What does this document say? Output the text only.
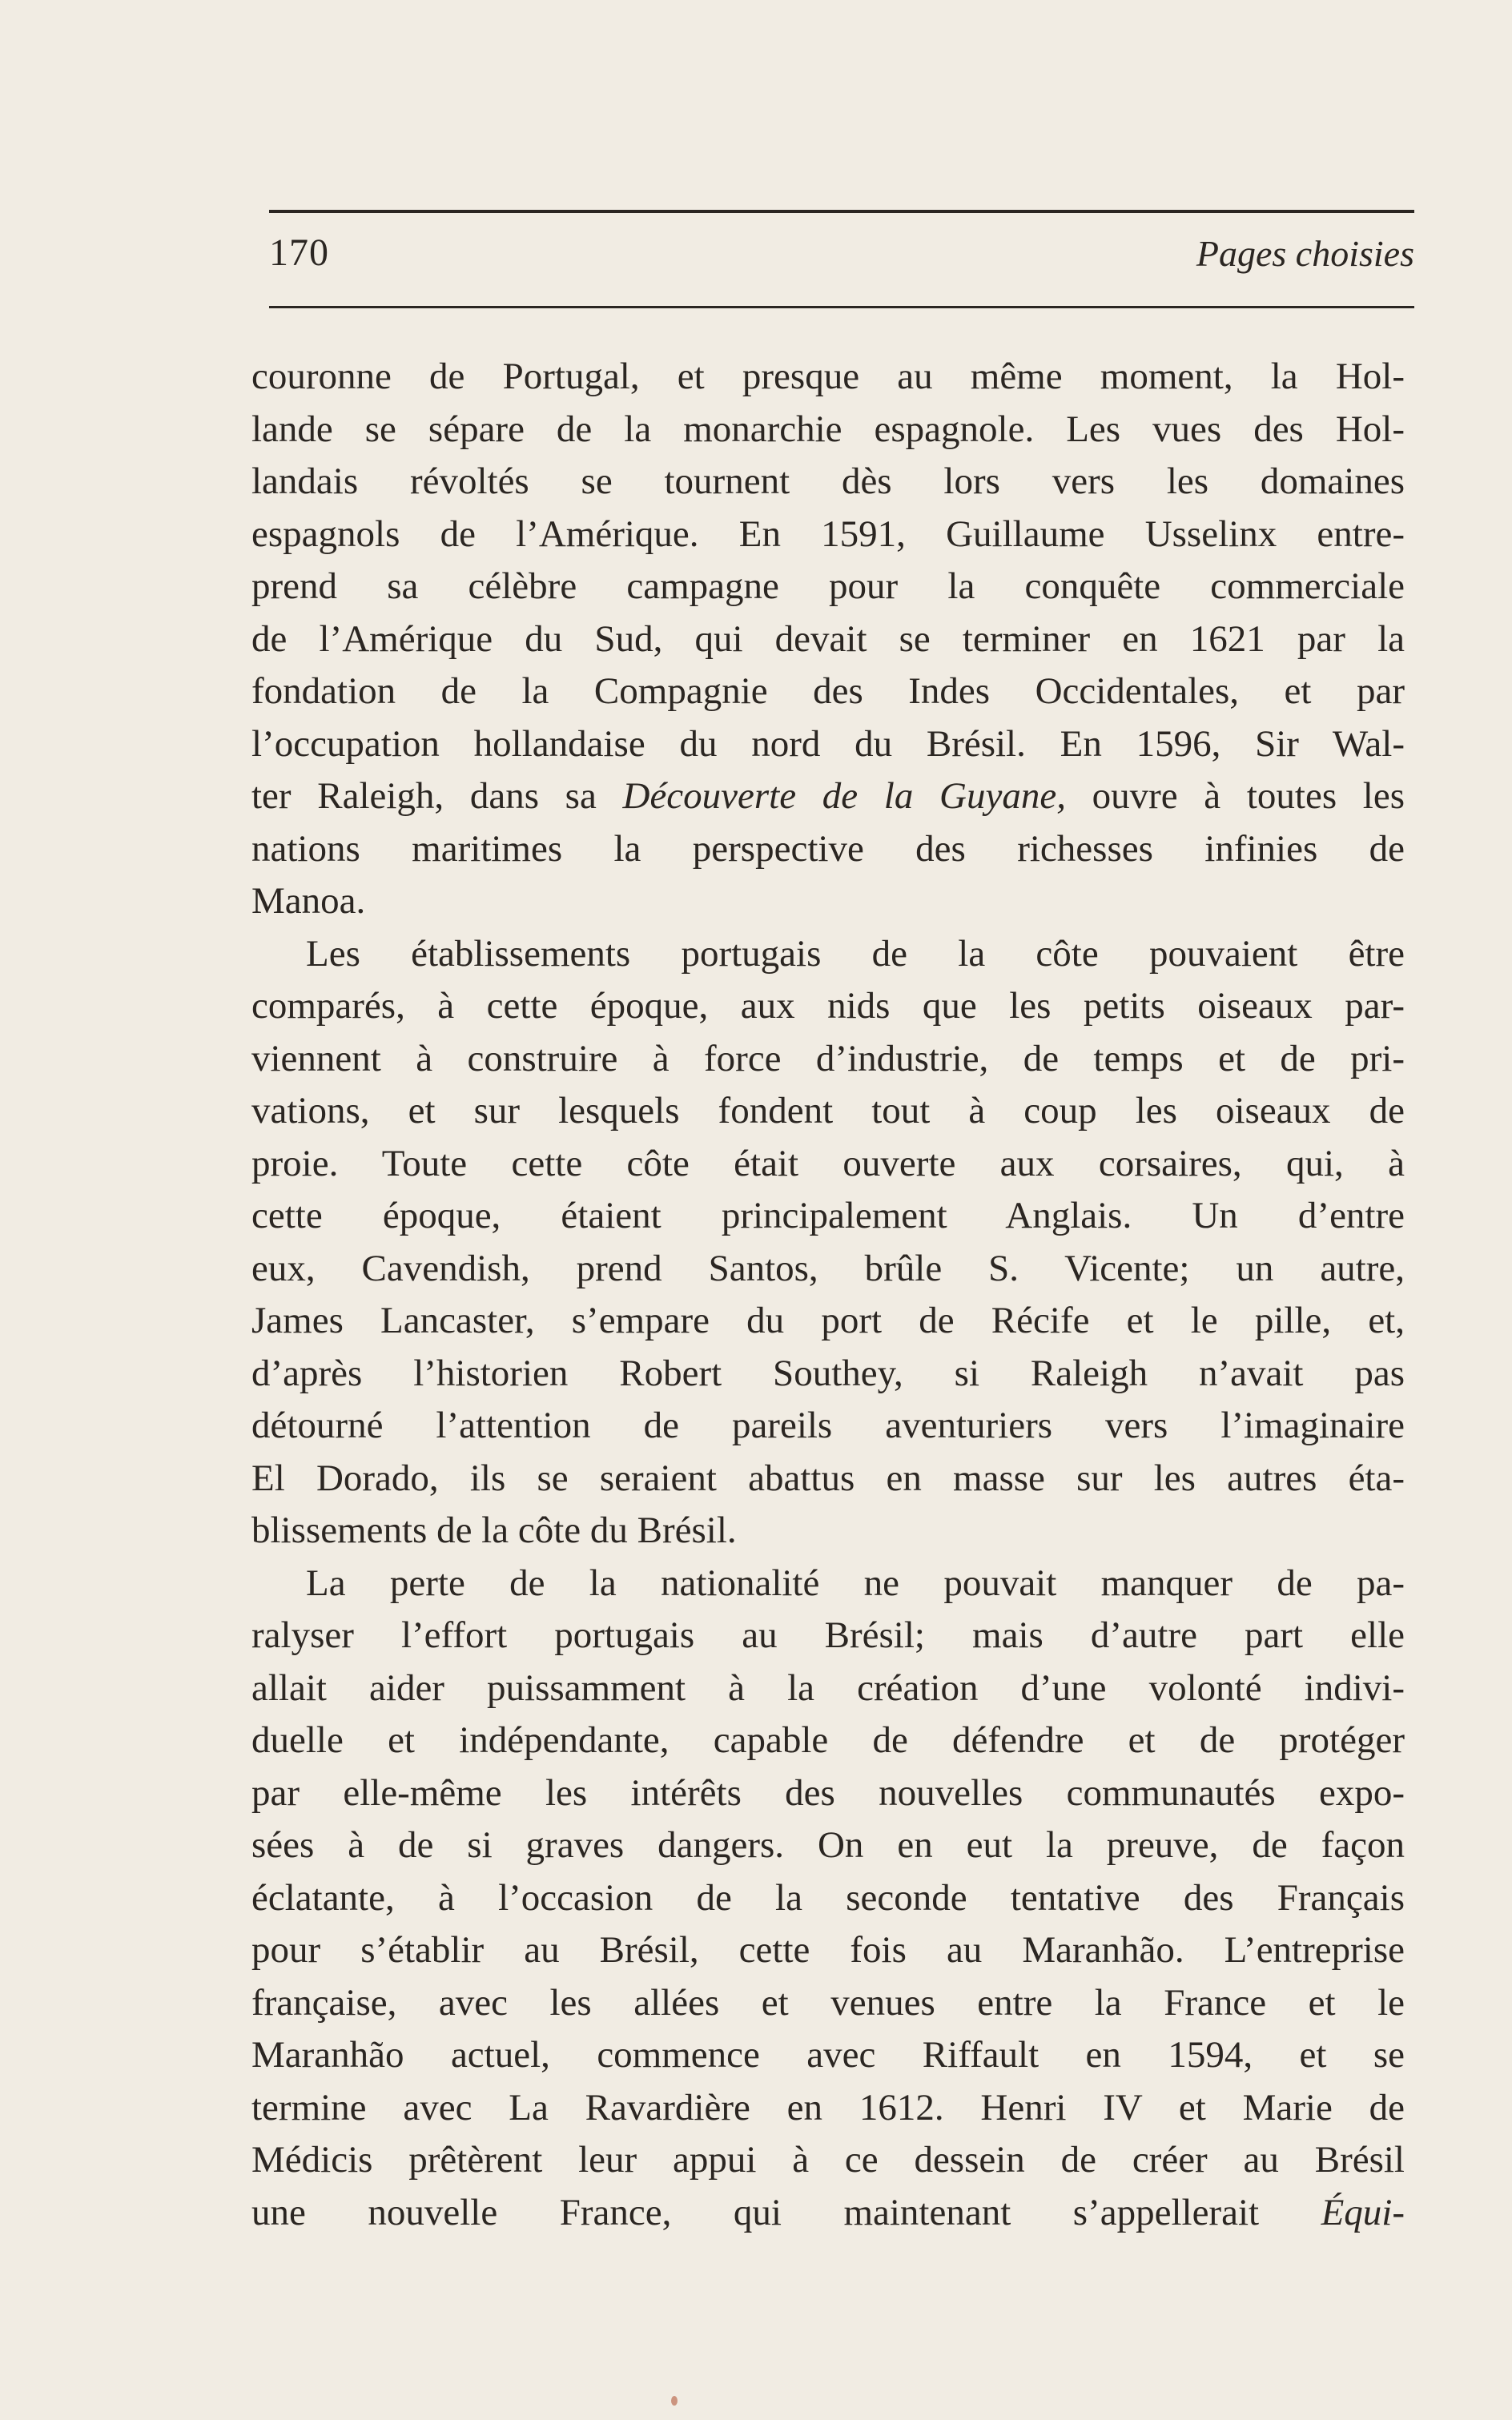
170	Pages choisies
couronne de Portugal, et presque au même moment, la Hol-
lande se sépare de la monarchie espagnole. Les vues des Hol-
landais révoltés se tournent dès lors vers les domaines
espagnols de l’Amérique. En 1591, Guillaume Usselinx entre-
prend sa célèbre campagne pour la conquête commerciale
de l’Amérique du Sud, qui devait se terminer en 1621 par la
fondation de la Compagnie des Indes Occidentales, et par
l’occupation hollandaise du nord du Brésil. En 1596, Sir Wal-
ter Raleigh, dans sa Découverte de la Guyane, ouvre à toutes les
nations maritimes la perspective des richesses infinies de
Manoa.
Les établissements portugais de la côte pouvaient être
comparés, à cette époque, aux nids que les petits oiseaux par-
viennent à construire à force d’industrie, de temps et de pri-
vations, et sur lesquels fondent tout à coup les oiseaux de
proie. Toute cette côte était ouverte aux corsaires, qui, à
cette époque, étaient principalement Anglais. Un d’entre
eux, Cavendish, prend Santos, brûle S. Vicente; un autre,
James Lancaster, s’empare du port de Récife et le pille, et,
d’après l’historien Robert Southey, si Raleigh n’avait pas
détourné l’attention de pareils aventuriers vers l’imaginaire
El Dorado, ils se seraient abattus en masse sur les autres éta-
blissements de la côte du Brésil.
La perte de la nationalité ne pouvait manquer de pa-
ralyser l’effort portugais au Brésil; mais d’autre part elle
allait aider puissamment à la création d’une volonté indivi-
duelle et indépendante, capable de défendre et de protéger
par elle-même les intérêts des nouvelles communautés expo-
sées à de si graves dangers. On en eut la preuve, de façon
éclatante, à l’occasion de la seconde tentative des Français
pour s’établir au Brésil, cette fois au Maranhão. L’entreprise
française, avec les allées et venues entre la France et le
Maranhão actuel, commence avec Riffault en 1594, et se
termine avec La Ravardière en 1612. Henri IV et Marie de
Médicis prêtèrent leur appui à ce dessein de créer au Brésil
une nouvelle France, qui maintenant s’appellerait Équi-
